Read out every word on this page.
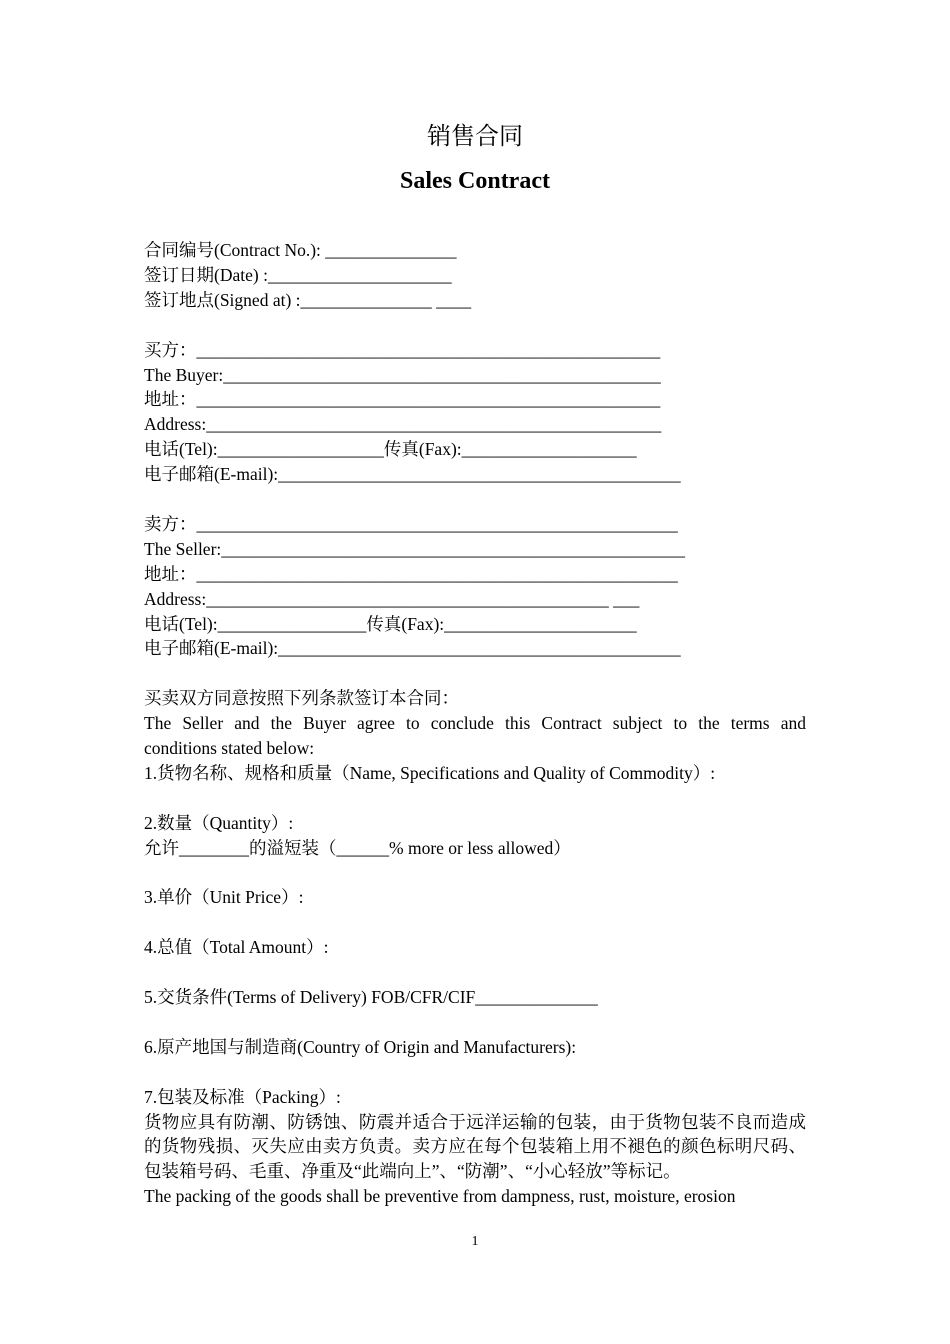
销售合同
Sales Contract
合同编号(Contract No.): _______________
签订日期(Date) :_____________________
签订地点(Signed at) :_______________ ____
买方：_____________________________________________________
The Buyer:__________________________________________________
地址：_____________________________________________________
Address:____________________________________________________
电话(Tel):___________________传真(Fax):____________________
电子邮箱(E-mail):______________________________________________
卖方：_______________________________________________________
The Seller:_____________________________________________________
地址：_______________________________________________________
Address:______________________________________________ ___
电话(Tel):_________________传真(Fax):______________________
电子邮箱(E-mail):______________________________________________
买卖双方同意按照下列条款签订本合同：
The Seller and the Buyer agree to conclude this Contract subject to the terms and
conditions stated below:
1.货物名称、规格和质量（Name, Specifications and Quality of Commodity）:
2.数量（Quantity）:
允许________的溢短装（______% more or less allowed）
3.单价（Unit Price）:
4.总值（Total Amount）:
5.交货条件(Terms of Delivery) FOB/CFR/CIF______________
6.原产地国与制造商(Country of Origin and Manufacturers):
7.包装及标准（Packing）:
货物应具有防潮、防锈蚀、防震并适合于远洋运输的包装，由于货物包装不良而造成的货物残损、灭失应由卖方负责。卖方应在每个包装箱上用不褪色的颜色标明尺码、包装箱号码、毛重、净重及“此端向上”、“防潮”、“小心轻放”等标记。
The packing of the goods shall be preventive from dampness, rust, moisture, erosion
1
